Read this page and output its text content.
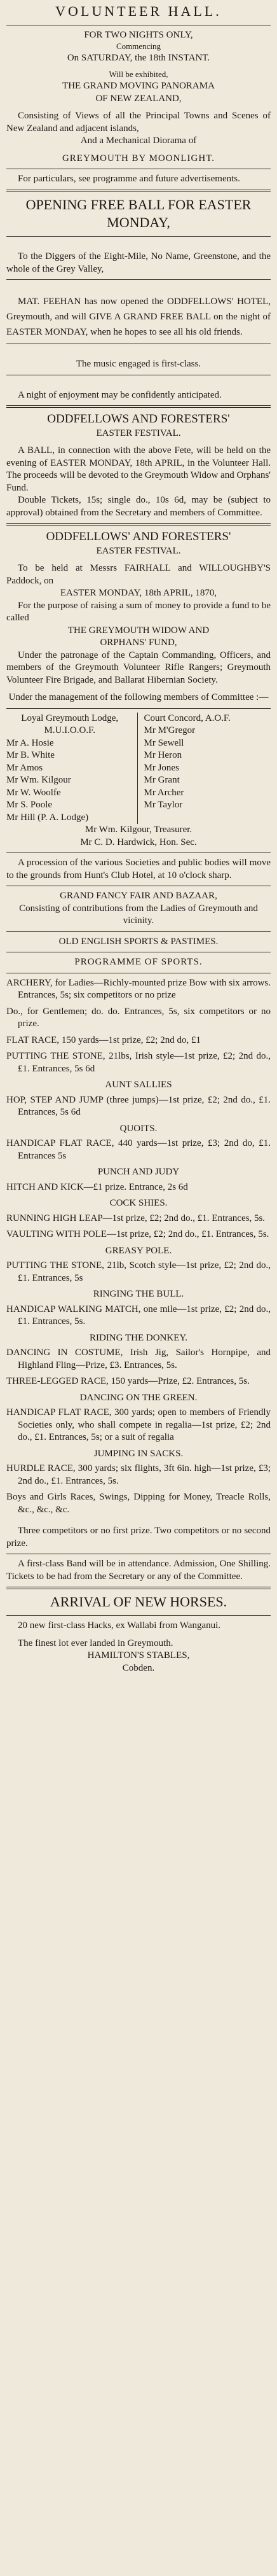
VOLUNTEER HALL.
FOR TWO NIGHTS ONLY,
Commencing
On SATURDAY, the 18th INSTANT.
Will be exhibited,
THE GRAND MOVING PANORAMA
OF NEW ZEALAND,
Consisting of Views of all the Principal Towns and Scenes of New Zealand and adjacent islands,
And a Mechanical Diorama of
GREYMOUTH BY MOONLIGHT.
For particulars, see programme and future advertisements.
OPENING FREE BALL FOR EASTER MONDAY,
To the Diggers of the Eight-Mile, No Name, Greenstone, and the whole of the Grey Valley,
MAT. FEEHAN has now opened the ODDFELLOWS' HOTEL, Greymouth, and will GIVE A GRAND FREE BALL on the night of EASTER MONDAY, when he hopes to see all his old friends.
The music engaged is first-class.
A night of enjoyment may be confidently anticipated.
ODDFELLOWS AND FORESTERS'
EASTER FESTIVAL.
A BALL, in connection with the above Fete, will be held on the evening of EASTER MONDAY, 18th APRIL, in the Volunteer Hall. The proceeds will be devoted to the Greymouth Widow and Orphans' Fund.
Double Tickets, 15s; single do., 10s 6d, may be (subject to approval) obtained from the Secretary and members of Committee.
ODDFELLOWS' AND FORESTERS'
EASTER FESTIVAL.
To be held at Messrs FAIRHALL and WILLOUGHBY'S Paddock, on
EASTER MONDAY, 18th APRIL, 1870,
For the purpose of raising a sum of money to provide a fund to be called
THE GREYMOUTH WIDOW AND
ORPHANS' FUND,
Under the patronage of the Captain Commanding, Officers, and members of the Greymouth Volunteer Rifle Rangers; Greymouth Volunteer Fire Brigade, and Ballarat Hibernian Society.
Under the management of the following members of Committee :—
Loyal Greymouth Lodge, M.U.I.O.O.F.
Mr A. Hosie
Mr B. White
Mr Amos
Mr Wm. Kilgour
Mr W. Woolfe
Mr S. Poole
Mr Hill (P. A. Lodge)
Court Concord, A.O.F.
Mr M'Gregor
Mr Sewell
Mr Heron
Mr Jones
Mr Grant
Mr Archer
Mr Taylor
Mr Wm. Kilgour, Treasurer.
Mr C. D. Hardwick, Hon. Sec.
A procession of the various Societies and public bodies will move to the grounds from Hunt's Club Hotel, at 10 o'clock sharp.
GRAND FANCY FAIR AND BAZAAR,
Consisting of contributions from the Ladies of Greymouth and vicinity.
OLD ENGLISH SPORTS & PASTIMES.
PROGRAMME OF SPORTS.
ARCHERY, for Ladies—Richly-mounted prize Bow with six arrows. Entrances, 5s; six competitors or no prize
Do., for Gentlemen; do. do. Entrances, 5s, six competitors or no prize.
FLAT RACE, 150 yards—1st prize, £2; 2nd do, £1
PUTTING THE STONE, 21lbs, Irish style—1st prize, £2; 2nd do., £1. Entrances, 5s 6d
AUNT SALLIES
HOP, STEP AND JUMP (three jumps)—1st prize, £2; 2nd do., £1. Entrances, 5s 6d
QUOITS.
HANDICAP FLAT RACE, 440 yards—1st prize, £3; 2nd do, £1. Entrances 5s
PUNCH AND JUDY
HITCH AND KICK—£1 prize. Entrance, 2s 6d
COCK SHIES.
RUNNING HIGH LEAP—1st prize, £2; 2nd do., £1. Entrances, 5s.
VAULTING WITH POLE—1st prize, £2; 2nd do., £1. Entrances, 5s.
GREASY POLE.
PUTTING THE STONE, 21lb, Scotch style—1st prize, £2; 2nd do., £1. Entrances, 5s
RINGING THE BULL.
HANDICAP WALKING MATCH, one mile—1st prize, £2; 2nd do., £1. Entrances, 5s.
RIDING THE DONKEY.
DANCING IN COSTUME, Irish Jig, Sailor's Hornpipe, and Highland Fling—Prize, £3. Entrances, 5s.
THREE-LEGGED RACE, 150 yards—Prize, £2. Entrances, 5s.
DANCING ON THE GREEN.
HANDICAP FLAT RACE, 300 yards; open to members of Friendly Societies only, who shall compete in regalia—1st prize, £2; 2nd do., £1. Entrances, 5s; or a suit of regalia
JUMPING IN SACKS.
HURDLE RACE, 300 yards; six flights, 3ft 6in. high—1st prize, £3; 2nd do., £1. Entrances, 5s.
Boys and Girls Races, Swings, Dipping for Money, Treacle Rolls, &c., &c., &c.
Three competitors or no first prize. Two competitors or no second prize.
A first-class Band will be in attendance. Admission, One Shilling. Tickets to be had from the Secretary or any of the Committee.
ARRIVAL OF NEW HORSES.
20 new first-class Hacks, ex Wallabi from Wanganui.
The finest lot ever landed in Greymouth.
HAMILTON'S STABLES,
Cobden.
